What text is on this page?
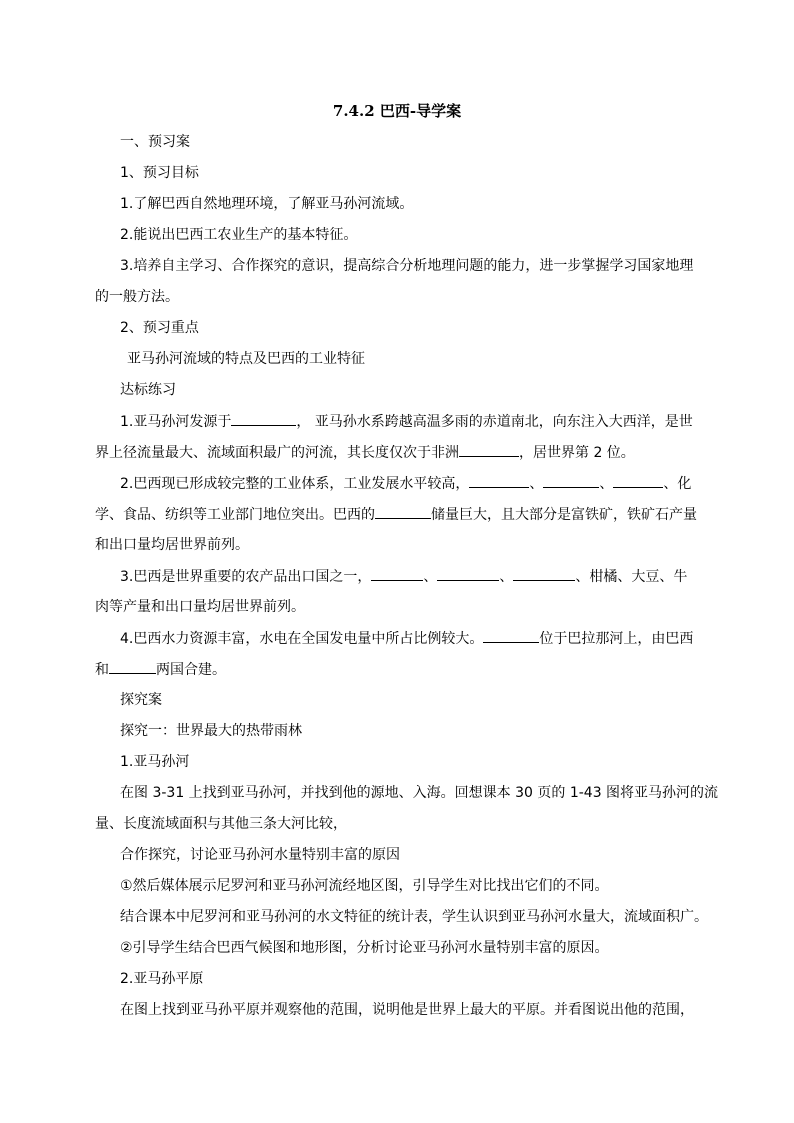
7.4.2 巴西-导学案
一、预习案
1、预习目标
1.了解巴西自然地理环境，了解亚马孙河流域。
2.能说出巴西工农业生产的基本特征。
3.培养自主学习、合作探究的意识，提高综合分析地理问题的能力，进一步掌握学习国家地理
的一般方法。
2、预习重点
亚马孙河流域的特点及巴西的工业特征
达标练习
1.亚马孙河发源于	， 亚马孙水系跨越高温多雨的赤道南北，向东注入大西洋，是世
界上径流量最大、流域面积最广的河流，其长度仅次于非洲	，居世界第 2 位。
2.巴西现已形成较完整的工业体系，工业发展水平较高，	、	、	、化
学、食品、纺织等工业部门地位突出。巴西的	储量巨大，且大部分是富铁矿，铁矿石产量
和出口量均居世界前列。
3.巴西是世界重要的农产品出口国之一，	、	、	、柑橘、大豆、牛
肉等产量和出口量均居世界前列。
4.巴西水力资源丰富，水电在全国发电量中所占比例较大。	位于巴拉那河上，由巴西
和	两国合建。
探究案
探究一：世界最大的热带雨林
1.亚马孙河
在图 3-31 上找到亚马孙河，并找到他的源地、入海。回想课本 30 页的 1-43 图将亚马孙河的流
量、长度流域面积与其他三条大河比较，
合作探究，讨论亚马孙河水量特别丰富的原因
①然后媒体展示尼罗河和亚马孙河流经地区图，引导学生对比找出它们的不同。
结合课本中尼罗河和亚马孙河的水文特征的统计表，学生认识到亚马孙河水量大，流域面积广。
②引导学生结合巴西气候图和地形图，分析讨论亚马孙河水量特别丰富的原因。
2.亚马孙平原
在图上找到亚马孙平原并观察他的范围，说明他是世界上最大的平原。并看图说出他的范围，
